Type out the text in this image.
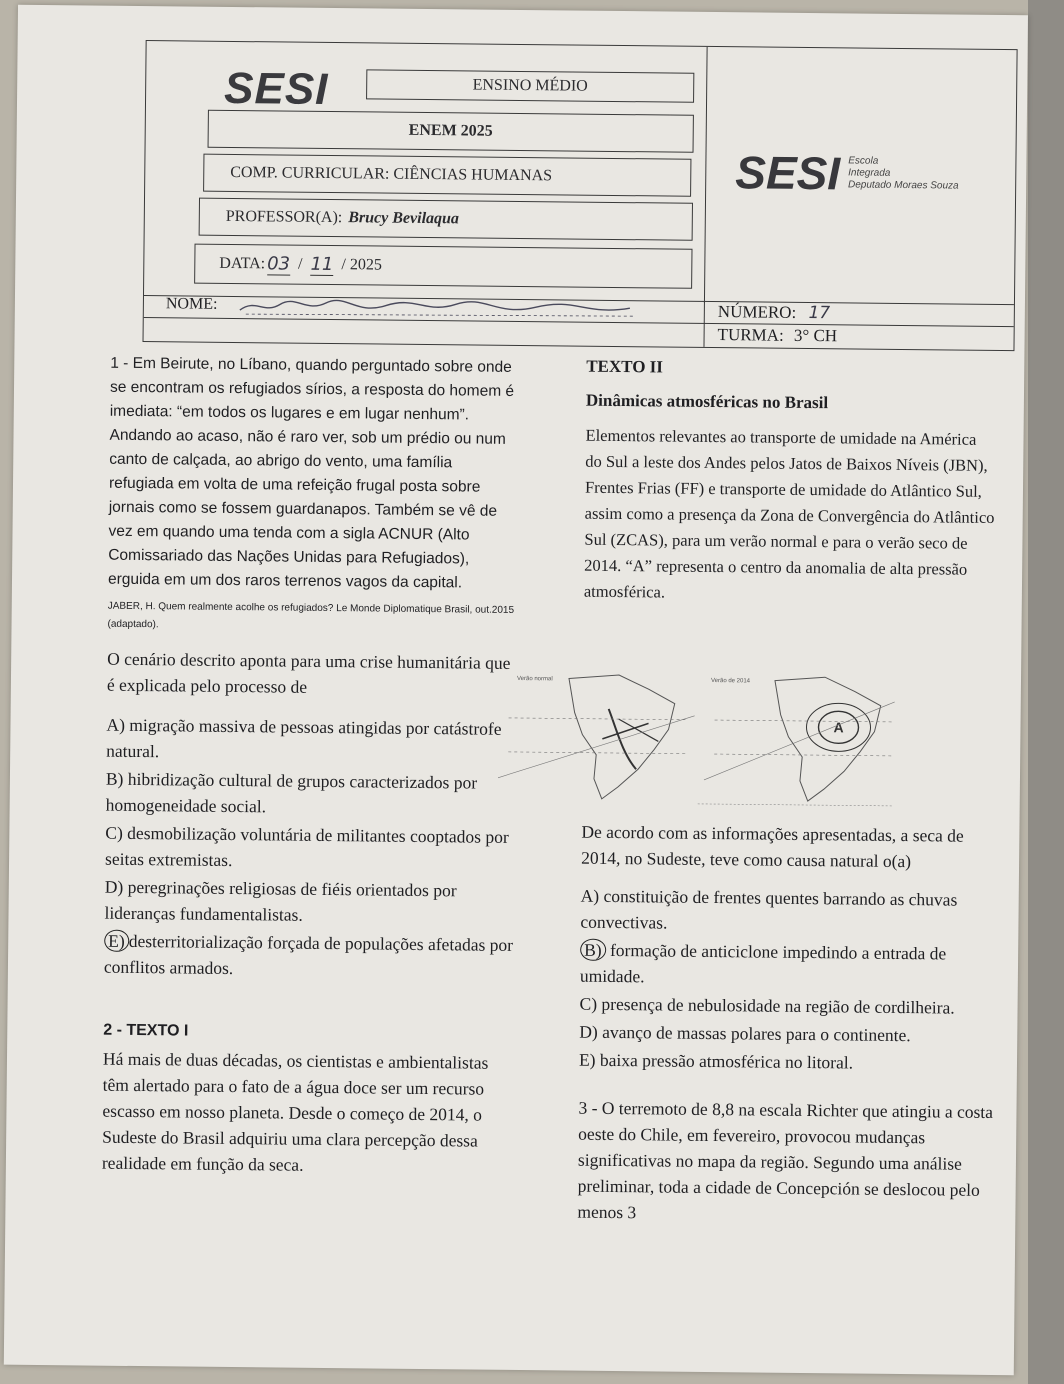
SESI	ENSINO MÉDIO
ENEM 2025
COMP. CURRICULAR: CIÊNCIAS HUMANAS
PROFESSOR(A): Brucy Bevilaqua
DATA: 03 / 11 / 2025
SESI Escola
Integrada
Deputado Moraes Souza
NOME:	NÚMERO: 17
TURMA: 3° CH

1 - Em Beirute, no Líbano, quando perguntado sobre onde se encontram os refugiados sírios, a resposta do homem é imediata: “em todos os lugares e em lugar nenhum”. Andando ao acaso, não é raro ver, sob um prédio ou num canto de calçada, ao abrigo do vento, uma família refugiada em volta de uma refeição frugal posta sobre jornais como se fossem guardanapos. Também se vê de vez em quando uma tenda com a sigla ACNUR (Alto Comissariado das Nações Unidas para Refugiados), erguida em um dos raros terrenos vagos da capital.

JABER, H. Quem realmente acolhe os refugiados? Le Monde Diplomatique Brasil, out.2015 (adaptado).

O cenário descrito aponta para uma crise humanitária que é explicada pelo processo de

A) migração massiva de pessoas atingidas por catástrofe natural.

B) hibridização cultural de grupos caracterizados por homogeneidade social.

C) desmobilização voluntária de militantes cooptados por seitas extremistas.

D) peregrinações religiosas de fiéis orientados por lideranças fundamentalistas.

E) desterritorialização forçada de populações afetadas por conflitos armados.

2 - TEXTO I

Há mais de duas décadas, os cientistas e ambientalistas têm alertado para o fato de a água doce ser um recurso escasso em nosso planeta. Desde o começo de 2014, o Sudeste do Brasil adquiriu uma clara percepção dessa realidade em função da seca.

TEXTO II

Dinâmicas atmosféricas no Brasil

Elementos relevantes ao transporte de umidade na América do Sul a leste dos Andes pelos Jatos de Baixos Níveis (JBN), Frentes Frias (FF) e transporte de umidade do Atlântico Sul, assim como a presença da Zona de Convergência do Atlântico Sul (ZCAS), para um verão normal e para o verão seco de 2014. “A” representa o centro da anomalia de alta pressão atmosférica.

Verão normal	Verão de 2014
A

De acordo com as informações apresentadas, a seca de 2014, no Sudeste, teve como causa natural o(a)

A) constituição de frentes quentes barrando as chuvas convectivas.

B) formação de anticiclone impedindo a entrada de umidade.

C) presença de nebulosidade na região de cordilheira.

D) avanço de massas polares para o continente.

E) baixa pressão atmosférica no litoral.

3 - O terremoto de 8,8 na escala Richter que atingiu a costa oeste do Chile, em fevereiro, provocou mudanças significativas no mapa da região. Segundo uma análise preliminar, toda a cidade de Concepción se deslocou pelo menos 3
